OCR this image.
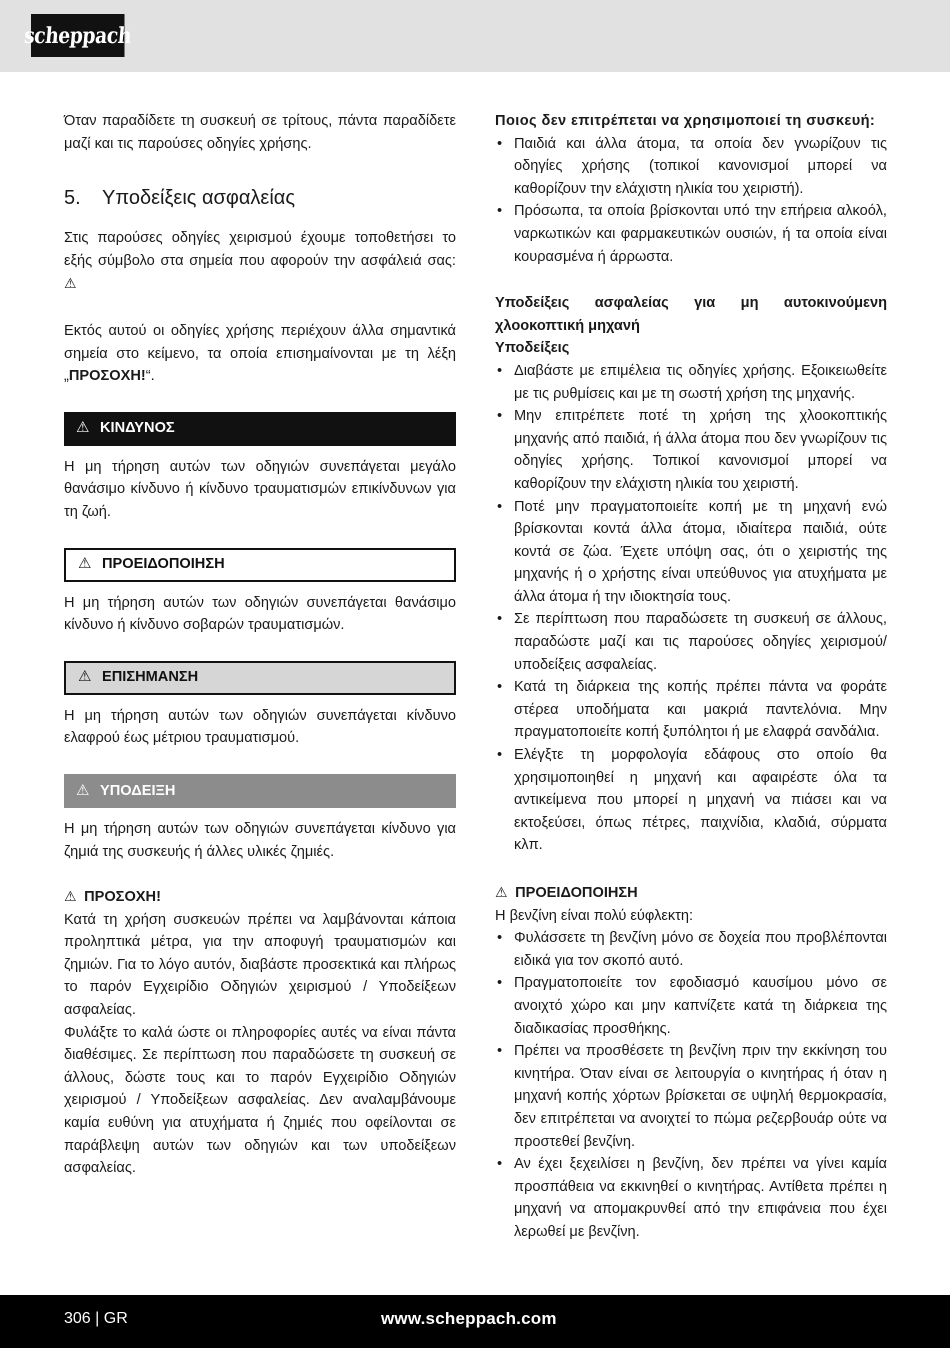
scheppach

Όταν παραδίδετε τη συσκευή σε τρίτους, πάντα παραδίδετε μαζί και τις παρούσες οδηγίες χρήσης.

5.	Υποδείξεις ασφαλείας

Στις παρούσες οδηγίες χειρισμού έχουμε τοποθετήσει το εξής σύμβολο στα σημεία που αφορούν την ασφάλειά σας: ⚠

Εκτός αυτού οι οδηγίες χρήσης περιέχουν άλλα σημαντικά σημεία στο κείμενο, τα οποία επισημαίνονται με τη λέξη „ΠΡΟΣΟΧΗ!“.

⚠ ΚΙΝΔΥΝΟΣ

Η μη τήρηση αυτών των οδηγιών συνεπάγεται μεγάλο θανάσιμο κίνδυνο ή κίνδυνο τραυματισμών επικίνδυνων για τη ζωή.

⚠ ΠΡΟΕΙΔΟΠΟΙΗΣΗ

Η μη τήρηση αυτών των οδηγιών συνεπάγεται θανάσιμο κίνδυνο ή κίνδυνο σοβαρών τραυματισμών.

⚠ ΕΠΙΣΗΜΑΝΣΗ

Η μη τήρηση αυτών των οδηγιών συνεπάγεται κίνδυνο ελαφρού έως μέτριου τραυματισμού.

⚠ ΥΠΟΔΕΙΞΗ

Η μη τήρηση αυτών των οδηγιών συνεπάγεται κίνδυνο για ζημιά της συσκευής ή άλλες υλικές ζημιές.

⚠ ΠΡΟΣΟΧΗ!

Κατά τη χρήση συσκευών πρέπει να λαμβάνονται κάποια προληπτικά μέτρα, για την αποφυγή τραυματισμών και ζημιών. Για το λόγο αυτόν, διαβάστε προσεκτικά και πλήρως το παρόν Εγχειρίδιο Οδηγιών χειρισμού / Υποδείξεων ασφαλείας.

Φυλάξτε το καλά ώστε οι πληροφορίες αυτές να είναι πάντα διαθέσιμες. Σε περίπτωση που παραδώσετε τη συσκευή σε άλλους, δώστε τους και το παρόν Εγχειρίδιο Οδηγιών χειρισμού / Υποδείξεων ασφαλείας. Δεν αναλαμβάνουμε καμία ευθύνη για ατυχήματα ή ζημιές που οφείλονται σε παράβλεψη αυτών των οδηγιών και των υποδείξεων ασφαλείας.

Ποιος δεν επιτρέπεται να χρησιμοποιεί τη συσκευή:

• Παιδιά και άλλα άτομα, τα οποία δεν γνωρίζουν τις οδηγίες χρήσης (τοπικοί κανονισμοί μπορεί να καθορίζουν την ελάχιστη ηλικία του χειριστή).
• Πρόσωπα, τα οποία βρίσκονται υπό την επήρεια αλκοόλ, ναρκωτικών και φαρμακευτικών ουσιών, ή τα οποία είναι κουρασμένα ή άρρωστα.

Υποδείξεις ασφαλείας για μη αυτοκινούμενη χλοοκοπτική μηχανή

Υποδείξεις

• Διαβάστε με επιμέλεια τις οδηγίες χρήσης. Εξοικειωθείτε με τις ρυθμίσεις και με τη σωστή χρήση της μηχανής.
• Μην επιτρέπετε ποτέ τη χρήση της χλοοκοπτικής μηχανής από παιδιά, ή άλλα άτομα που δεν γνωρίζουν τις οδηγίες χρήσης. Τοπικοί κανονισμοί μπορεί να καθορίζουν την ελάχιστη ηλικία του χειριστή.
• Ποτέ μην πραγματοποιείτε κοπή με τη μηχανή ενώ βρίσκονται κοντά άλλα άτομα, ιδιαίτερα παιδιά, ούτε κοντά σε ζώα. Έχετε υπόψη σας, ότι ο χειριστής της μηχανής ή ο χρήστης είναι υπεύθυνος για ατυχήματα με άλλα άτομα ή την ιδιοκτησία τους.
• Σε περίπτωση που παραδώσετε τη συσκευή σε άλλους, παραδώστε μαζί και τις παρούσες οδηγίες χειρισμού/ υποδείξεις ασφαλείας.
• Κατά τη διάρκεια της κοπής πρέπει πάντα να φοράτε στέρεα υποδήματα και μακριά παντελόνια. Μην πραγματοποιείτε κοπή ξυπόλητοι ή με ελαφρά σανδάλια.
• Ελέγξτε τη μορφολογία εδάφους στο οποίο θα χρησιμοποιηθεί η μηχανή και αφαιρέστε όλα τα αντικείμενα που μπορεί η μηχανή να πιάσει και να εκτοξεύσει, όπως πέτρες, παιχνίδια, κλαδιά, σύρματα κλπ.

⚠ ΠΡΟΕΙΔΟΠΟΙΗΣΗ

Η βενζίνη είναι πολύ εύφλεκτη:

• Φυλάσσετε τη βενζίνη μόνο σε δοχεία που προβλέπονται ειδικά για τον σκοπό αυτό.
• Πραγματοποιείτε τον εφοδιασμό καυσίμου μόνο σε ανοιχτό χώρο και μην καπνίζετε κατά τη διάρκεια της διαδικασίας προσθήκης.
• Πρέπει να προσθέσετε τη βενζίνη πριν την εκκίνηση του κινητήρα. Όταν είναι σε λειτουργία ο κινητήρας ή όταν η μηχανή κοπής χόρτων βρίσκεται σε υψηλή θερμοκρασία, δεν επιτρέπεται να ανοιχτεί το πώμα ρεζερβουάρ ούτε να προστεθεί βενζίνη.
• Αν έχει ξεχειλίσει η βενζίνη, δεν πρέπει να γίνει καμία προσπάθεια να εκκινηθεί ο κινητήρας. Αντίθετα πρέπει η μηχανή να απομακρυνθεί από την επιφάνεια που έχει λερωθεί με βενζίνη.
306 | GR	www.scheppach.com
